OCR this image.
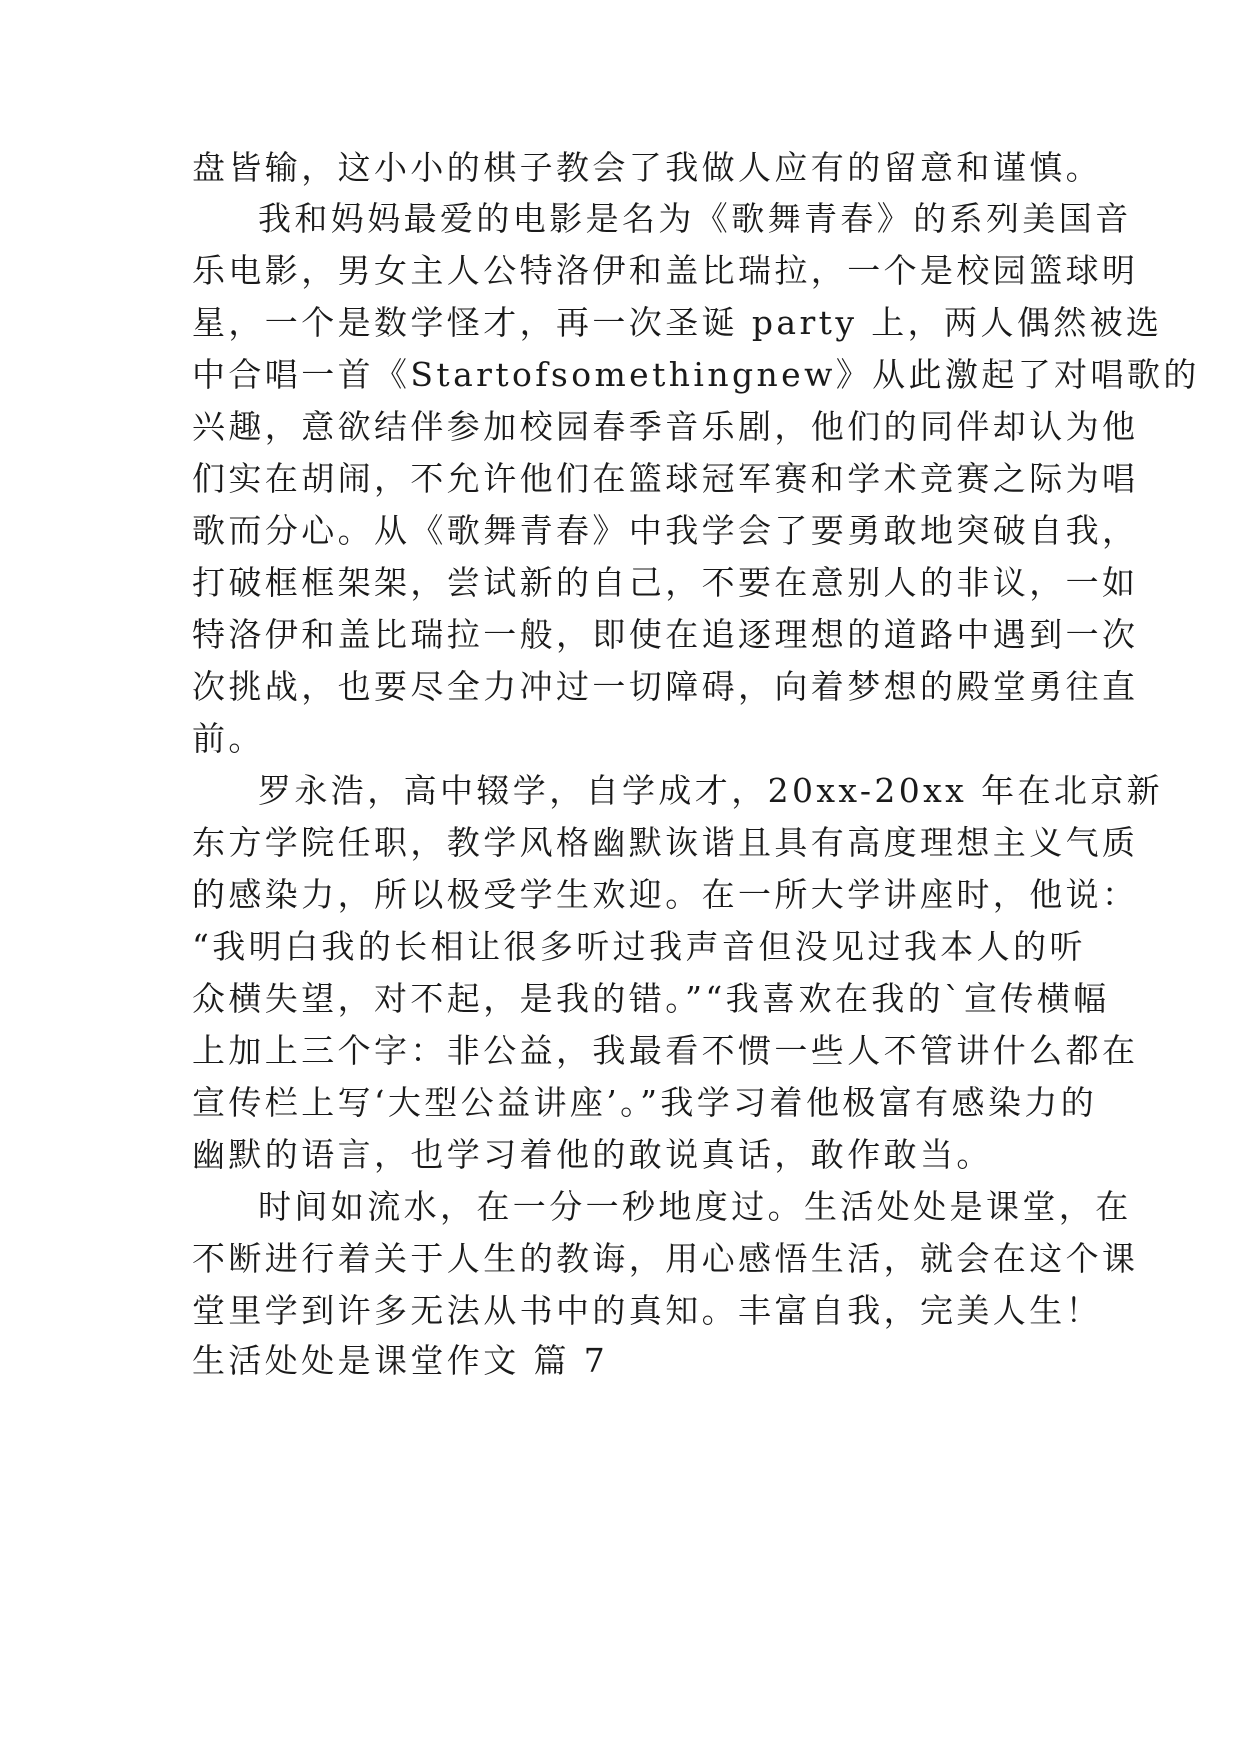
盘皆输，这小小的棋子教会了我做人应有的留意和谨慎。

我和妈妈最爱的电影是名为《歌舞青春》的系列美国音

乐电影，男女主人公特洛伊和盖比瑞拉，一个是校园篮球明

星，一个是数学怪才，再一次圣诞 party 上，两人偶然被选

中合唱一首《Startofsomethingnew》从此激起了对唱歌的

兴趣，意欲结伴参加校园春季音乐剧，他们的同伴却认为他

们实在胡闹，不允许他们在篮球冠军赛和学术竞赛之际为唱

歌而分心。从《歌舞青春》中我学会了要勇敢地突破自我，

打破框框架架，尝试新的自己，不要在意别人的非议，一如

特洛伊和盖比瑞拉一般，即使在追逐理想的道路中遇到一次

次挑战，也要尽全力冲过一切障碍，向着梦想的殿堂勇往直

前。

罗永浩，高中辍学，自学成才，20xx-20xx 年在北京新

东方学院任职，教学风格幽默诙谐且具有高度理想主义气质

的感染力，所以极受学生欢迎。在一所大学讲座时，他说：

“我明白我的长相让很多听过我声音但没见过我本人的听

众横失望，对不起，是我的错。”“我喜欢在我的`宣传横幅

上加上三个字：非公益，我最看不惯一些人不管讲什么都在

宣传栏上写‘大型公益讲座’。”我学习着他极富有感染力的

幽默的语言，也学习着他的敢说真话，敢作敢当。

时间如流水，在一分一秒地度过。生活处处是课堂，在

不断进行着关于人生的教诲，用心感悟生活，就会在这个课

堂里学到许多无法从书中的真知。丰富自我，完美人生！

生活处处是课堂作文 篇 7
